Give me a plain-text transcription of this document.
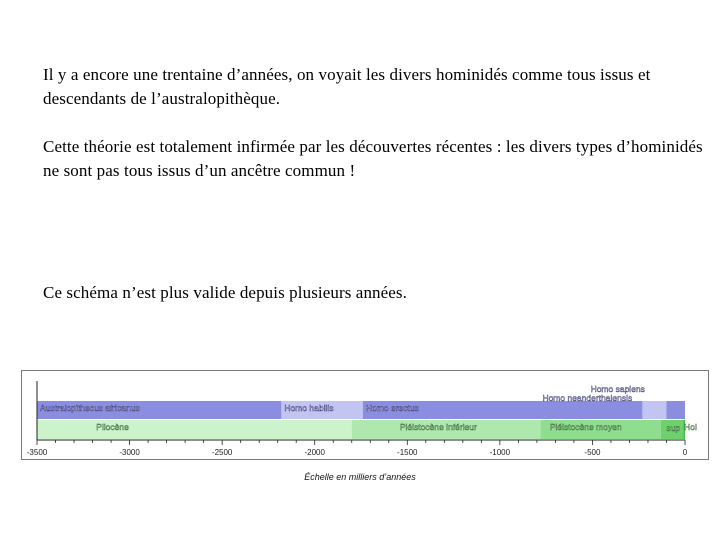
Il y a encore une trentaine d’années, on voyait les divers hominidés comme tous issus et descendants de l’australopithèque.

Cette théorie est totalement infirmée par les découvertes récentes : les divers types d’hominidés ne sont pas tous issus d’un ancêtre commun !

Ce schéma n’est plus valide depuis plusieurs années.

Australopithecus africanus	Homo habilis	Homo erectus
Homo neanderthalensis
Homo sapiens
Pliocène	Pléistocène inférieur	Pléistocène moyen	sup Hol
-3500	-3000	-2500	-2000	-1500	-1000	-500	0
Échelle en milliers d’années
